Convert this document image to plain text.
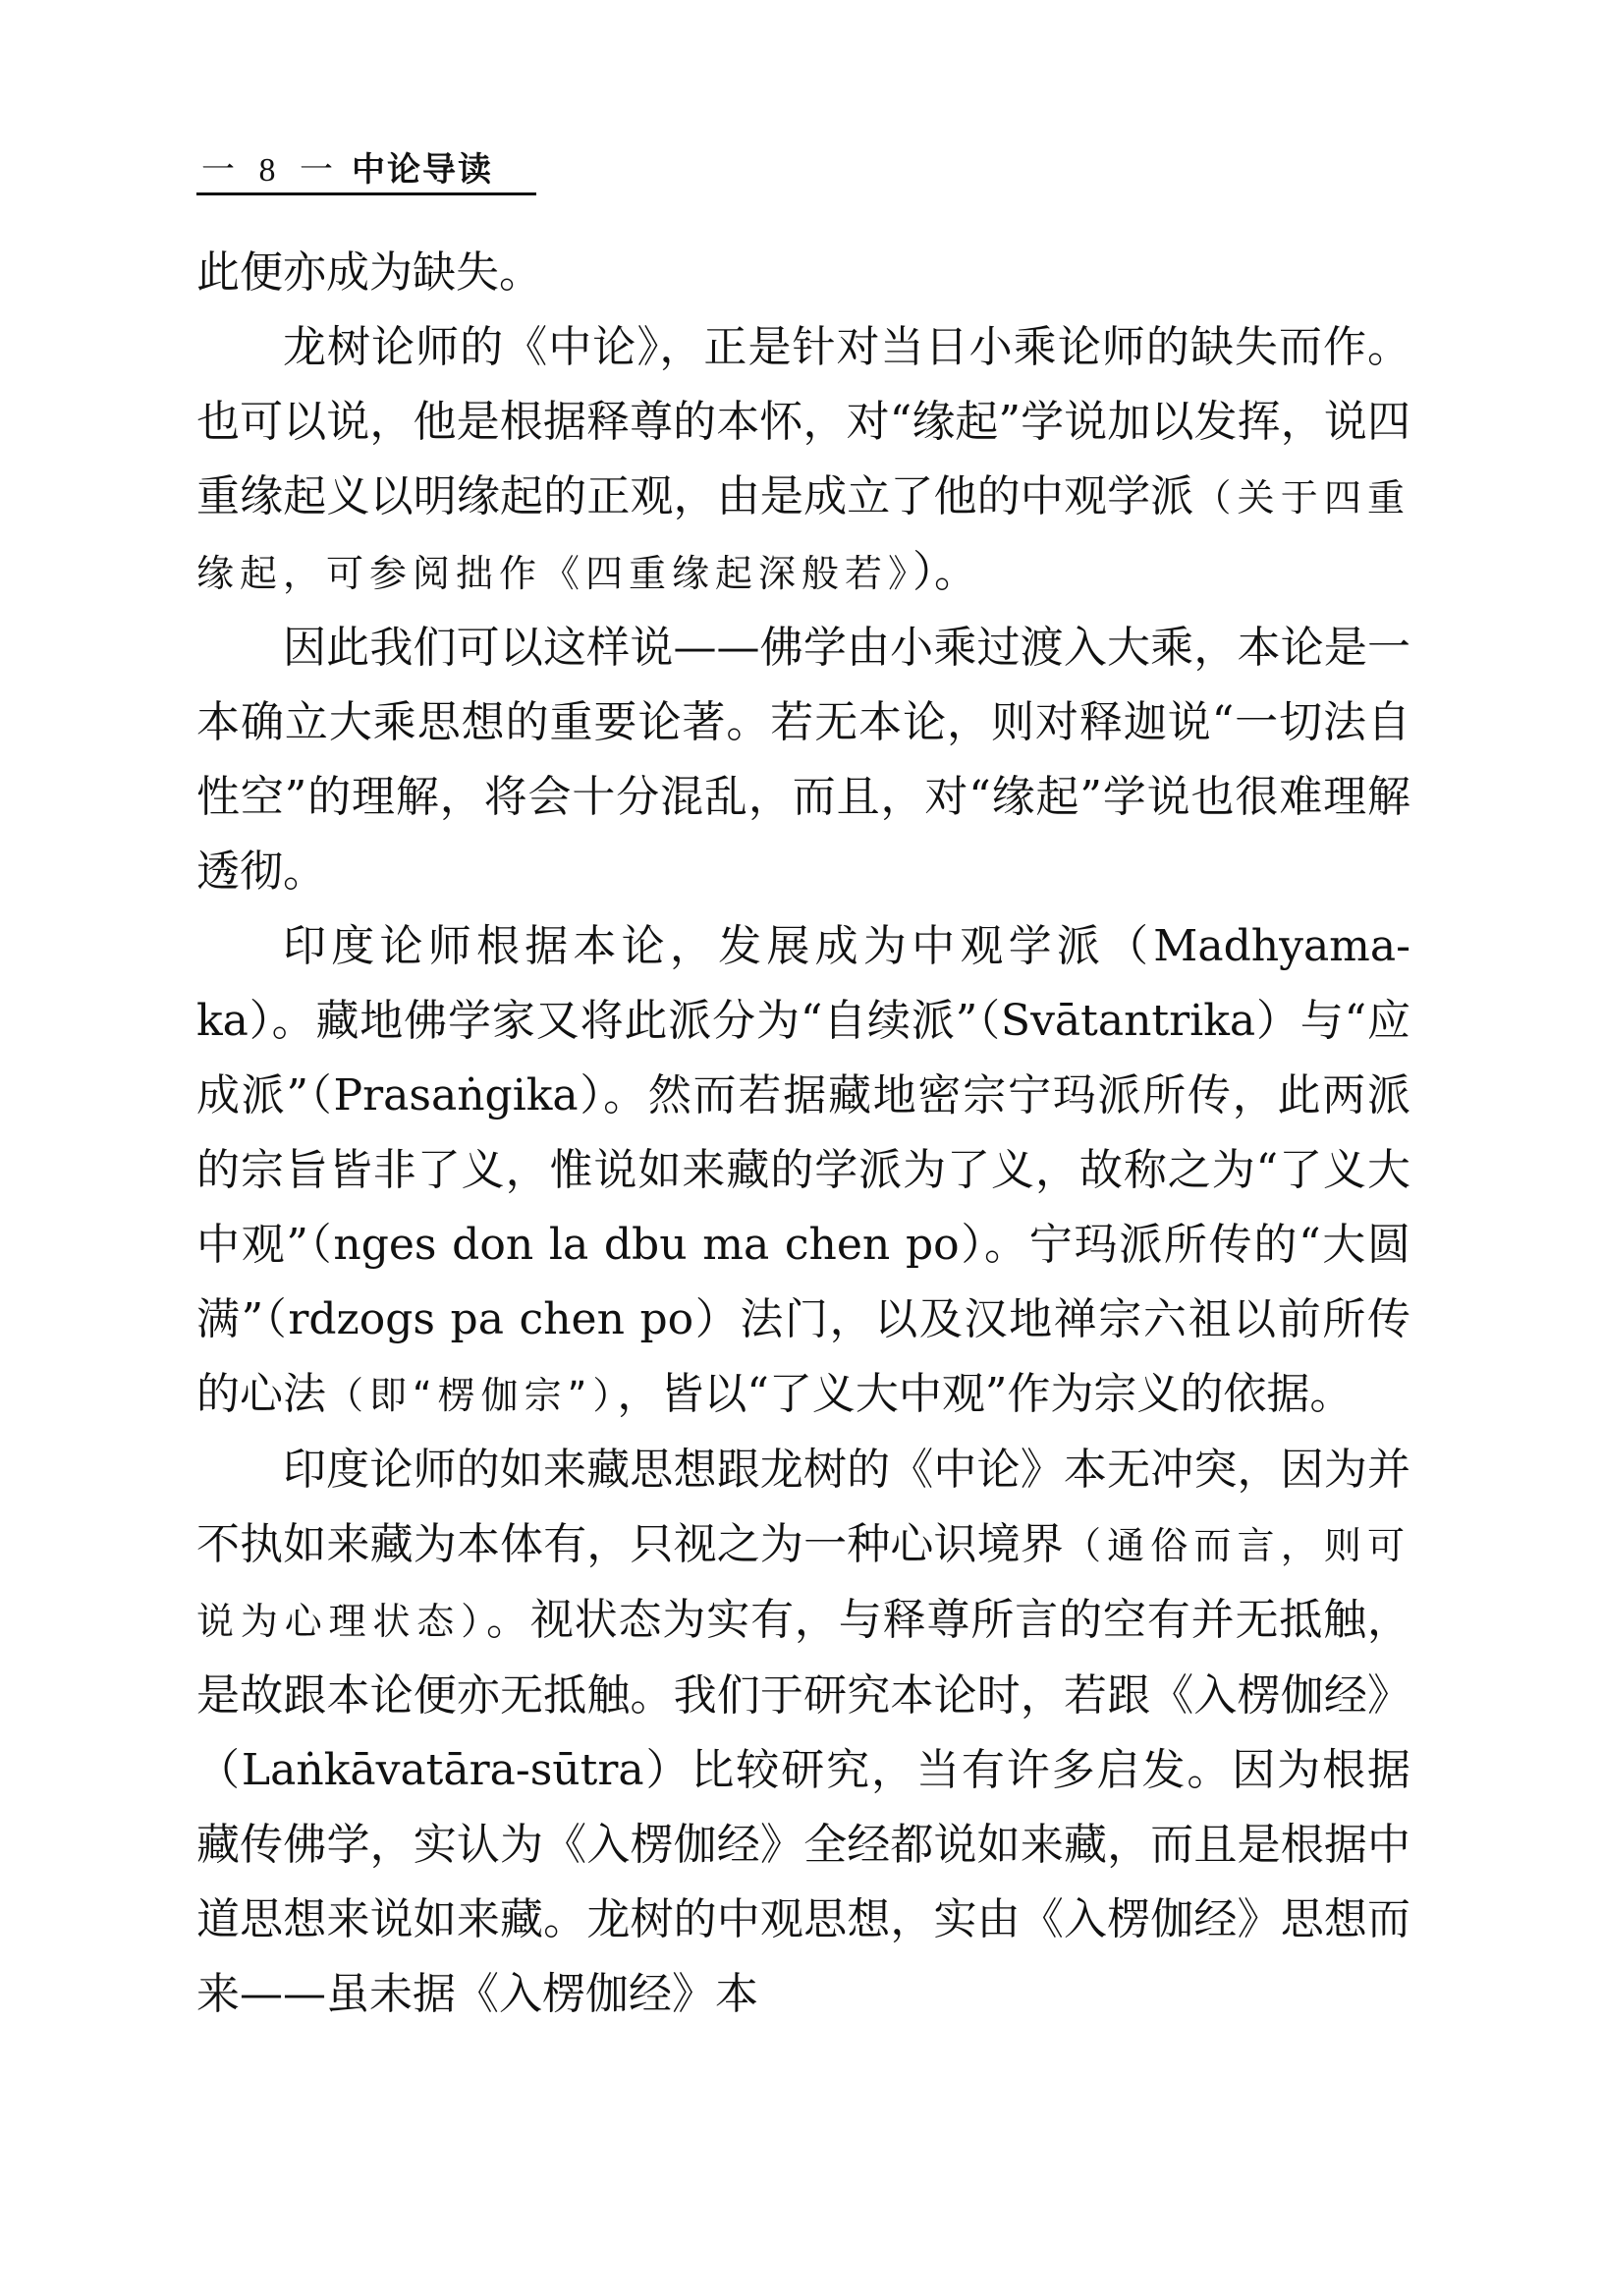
一 8 一 中论导读

此便亦成为缺失。

龙树论师的《中论》，正是针对当日小乘论师的缺失而作。也可以说，他是根据释尊的本怀，对“缘起”学说加以发挥，说四重缘起义以明缘起的正观，由是成立了他的中观学派（关于四重缘起，可参阅拙作《四重缘起深般若》）。

因此我们可以这样说——佛学由小乘过渡入大乘，本论是一本确立大乘思想的重要论著。若无本论，则对释迦说“一切法自性空”的理解，将会十分混乱，而且，对“缘起”学说也很难理解透彻。

印度论师根据本论，发展成为中观学派（Madhyama-ka）。藏地佛学家又将此派分为“自续派”（Svātantrika）与“应成派”（Prasaṅgika）。然而若据藏地密宗宁玛派所传，此两派的宗旨皆非了义，惟说如来藏的学派为了义，故称之为“了义大中观”（nges don la dbu ma chen po）。宁玛派所传的“大圆满”（rdzogs pa chen po）法门，以及汉地禅宗六祖以前所传的心法（即“楞伽宗”），皆以“了义大中观”作为宗义的依据。

印度论师的如来藏思想跟龙树的《中论》本无冲突，因为并不执如来藏为本体有，只视之为一种心识境界（通俗而言，则可说为心理状态）。视状态为实有，与释尊所言的空有并无抵触，是故跟本论便亦无抵触。我们于研究本论时，若跟《入楞伽经》（Laṅkāvatāra-sūtra）比较研究，当有许多启发。因为根据藏传佛学，实认为《入楞伽经》全经都说如来藏，而且是根据中道思想来说如来藏。龙树的中观思想，实由《入楞伽经》思想而来——虽未据《入楞伽经》本
